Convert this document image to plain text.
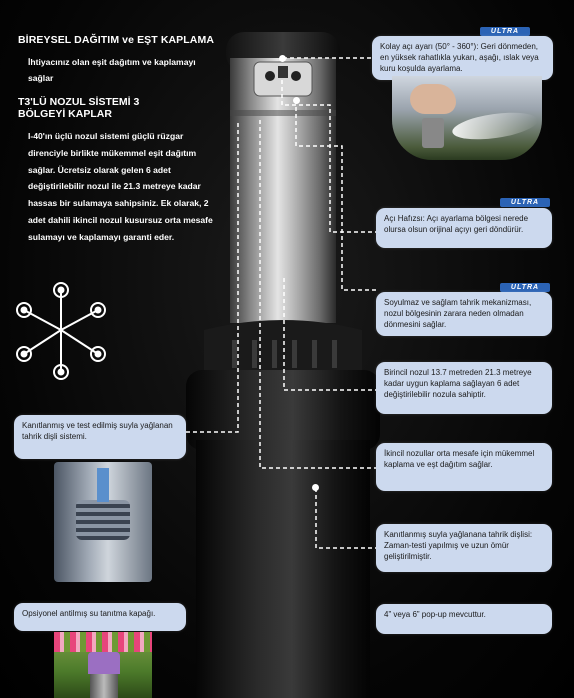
BİREYSEL DAĞITIM ve EŞT KAPLAMA
İhtiyacınız olan eşit dağıtım ve kaplamayı sağlar
T3'LÜ NOZUL SİSTEMİ 3 BÖLGEYİ KAPLAR
I-40'ın üçlü nozul sistemi güçlü rüzgar direnciyle birlikte mükemmel eşit dağıtım sağlar. Ücretsiz olarak gelen 6 adet değiştirilebilir nozul ile 21.3 metreye kadar hassas bir sulamaya sahipsiniz. Ek olarak, 2 adet dahili ikincil nozul kusursuz orta mesafe sulamayı ve kaplamayı garanti eder.
ULTRA
Kolay açı ayarı (50° - 360°): Geri dönmeden, en yüksek rahatlıkla yukarı, aşağı, ıslak veya kuru koşulda ayarlama.
ULTRA
Açı Hafızsı: Açı ayarlama bölgesi nerede olursa olsun orijinal açıyı geri döndürür.
ULTRA
Soyulmaz ve sağlam tahrik mekanizması, nozul bölgesinin zarara neden olmadan dönmesini sağlar.
Birincil nozul 13.7 metreden 21.3 metreye kadar uygun kaplama sağlayan 6 adet değiştirilebilir nozula sahiptir.
İkincil nozullar orta mesafe için mükemmel kaplama ve eşt dağıtım sağlar.
Kanıtlanmış suyla yağlanana tahrik dişlisi: Zaman-testi yapılmış ve uzun ömür geliştirilmiştir.
4” veya 6” pop-up mevcuttur.
Kanıtlanmış ve test edilmiş suyla yağlanan tahrik dişli sistemi.
Opsiyonel antilmış su tanıtma kapağı.
